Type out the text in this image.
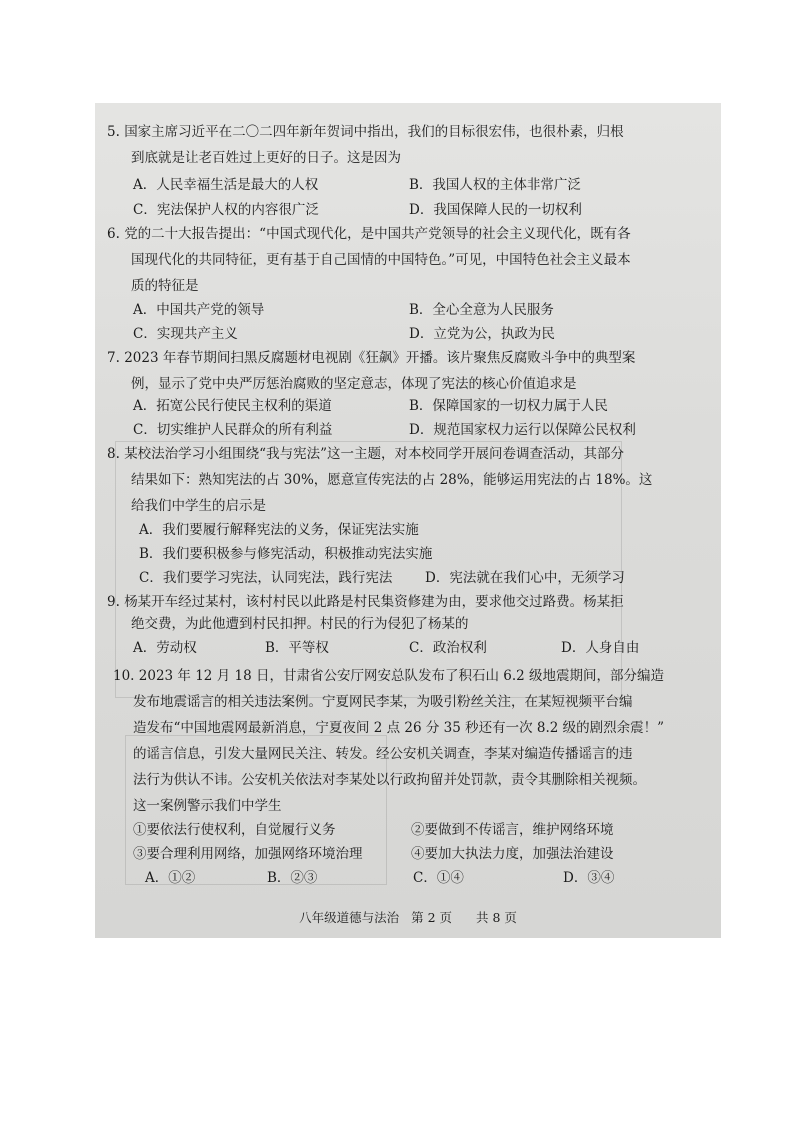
5. 国家主席习近平在二〇二四年新年贺词中指出，我们的目标很宏伟，也很朴素，归根
到底就是让老百姓过上更好的日子。这是因为
A．人民幸福生活是最大的人权	B．我国人权的主体非常广泛
C．宪法保护人权的内容很广泛	D．我国保障人民的一切权利
6. 党的二十大报告提出：“中国式现代化，是中国共产党领导的社会主义现代化，既有各
国现代化的共同特征，更有基于自己国情的中国特色。”可见，中国特色社会主义最本
质的特征是
A．中国共产党的领导	B．全心全意为人民服务
C．实现共产主义	D．立党为公，执政为民
7. 2023 年春节期间扫黑反腐题材电视剧《狂飙》开播。该片聚焦反腐败斗争中的典型案
例，显示了党中央严厉惩治腐败的坚定意志，体现了宪法的核心价值追求是
A．拓宽公民行使民主权利的渠道	B．保障国家的一切权力属于人民
C．切实维护人民群众的所有利益	D．规范国家权力运行以保障公民权利
8. 某校法治学习小组围绕“我与宪法”这一主题，对本校同学开展问卷调查活动，其部分
结果如下：熟知宪法的占 30%，愿意宣传宪法的占 28%，能够运用宪法的占 18%。这
给我们中学生的启示是
A．我们要履行解释宪法的义务，保证宪法实施
B．我们要积极参与修宪活动，积极推动宪法实施
C．我们要学习宪法，认同宪法，践行宪法 D．宪法就在我们心中，无须学习
9. 杨某开车经过某村，该村村民以此路是村民集资修建为由，要求他交过路费。杨某拒
绝交费，为此他遭到村民扣押。村民的行为侵犯了杨某的
A．劳动权	B．平等权	C．政治权利	D．人身自由
10. 2023 年 12 月 18 日，甘肃省公安厅网安总队发布了积石山 6.2 级地震期间，部分编造
发布地震谣言的相关违法案例。宁夏网民李某，为吸引粉丝关注，在某短视频平台编
造发布“中国地震网最新消息，宁夏夜间 2 点 26 分 35 秒还有一次 8.2 级的剧烈余震！”
的谣言信息，引发大量网民关注、转发。经公安机关调查，李某对编造传播谣言的违
法行为供认不讳。公安机关依法对李某处以行政拘留并处罚款，责令其删除相关视频。
这一案例警示我们中学生
①要依法行使权利，自觉履行义务	②要做到不传谣言，维护网络环境
③要合理利用网络，加强网络环境治理	④要加大执法力度，加强法治建设
A．①②	B．②③	C．①④	D．③④
八年级道德与法治 第 2 页 共 8 页
